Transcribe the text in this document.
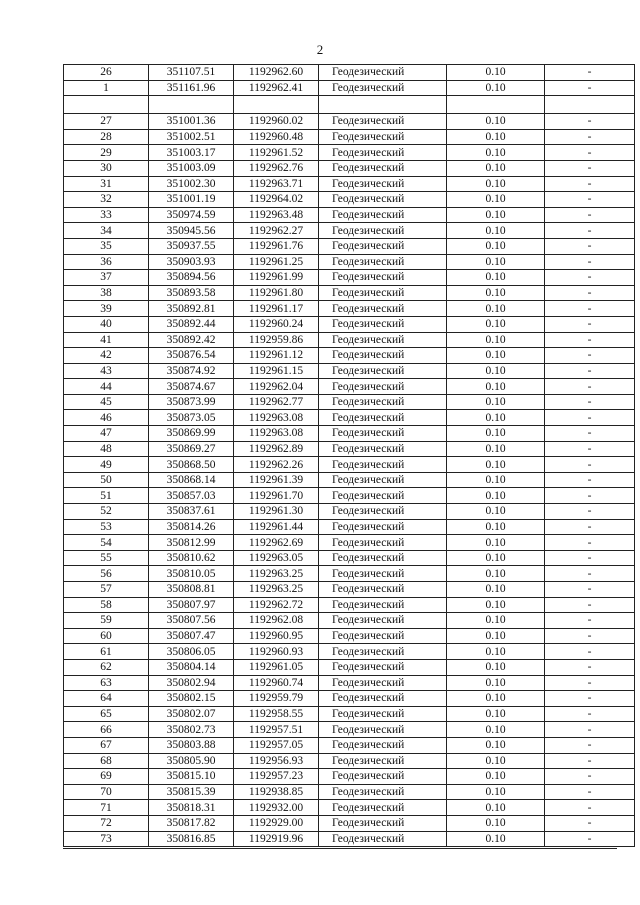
2
26	351107.51	1192962.60	Геодезический	0.10	-
1	351161.96	1192962.41	Геодезический	0.10	-

27	351001.36	1192960.02	Геодезический	0.10	-
28	351002.51	1192960.48	Геодезический	0.10	-
29	351003.17	1192961.52	Геодезический	0.10	-
30	351003.09	1192962.76	Геодезический	0.10	-
31	351002.30	1192963.71	Геодезический	0.10	-
32	351001.19	1192964.02	Геодезический	0.10	-
33	350974.59	1192963.48	Геодезический	0.10	-
34	350945.56	1192962.27	Геодезический	0.10	-
35	350937.55	1192961.76	Геодезический	0.10	-
36	350903.93	1192961.25	Геодезический	0.10	-
37	350894.56	1192961.99	Геодезический	0.10	-
38	350893.58	1192961.80	Геодезический	0.10	-
39	350892.81	1192961.17	Геодезический	0.10	-
40	350892.44	1192960.24	Геодезический	0.10	-
41	350892.42	1192959.86	Геодезический	0.10	-
42	350876.54	1192961.12	Геодезический	0.10	-
43	350874.92	1192961.15	Геодезический	0.10	-
44	350874.67	1192962.04	Геодезический	0.10	-
45	350873.99	1192962.77	Геодезический	0.10	-
46	350873.05	1192963.08	Геодезический	0.10	-
47	350869.99	1192963.08	Геодезический	0.10	-
48	350869.27	1192962.89	Геодезический	0.10	-
49	350868.50	1192962.26	Геодезический	0.10	-
50	350868.14	1192961.39	Геодезический	0.10	-
51	350857.03	1192961.70	Геодезический	0.10	-
52	350837.61	1192961.30	Геодезический	0.10	-
53	350814.26	1192961.44	Геодезический	0.10	-
54	350812.99	1192962.69	Геодезический	0.10	-
55	350810.62	1192963.05	Геодезический	0.10	-
56	350810.05	1192963.25	Геодезический	0.10	-
57	350808.81	1192963.25	Геодезический	0.10	-
58	350807.97	1192962.72	Геодезический	0.10	-
59	350807.56	1192962.08	Геодезический	0.10	-
60	350807.47	1192960.95	Геодезический	0.10	-
61	350806.05	1192960.93	Геодезический	0.10	-
62	350804.14	1192961.05	Геодезический	0.10	-
63	350802.94	1192960.74	Геодезический	0.10	-
64	350802.15	1192959.79	Геодезический	0.10	-
65	350802.07	1192958.55	Геодезический	0.10	-
66	350802.73	1192957.51	Геодезический	0.10	-
67	350803.88	1192957.05	Геодезический	0.10	-
68	350805.90	1192956.93	Геодезический	0.10	-
69	350815.10	1192957.23	Геодезический	0.10	-
70	350815.39	1192938.85	Геодезический	0.10	-
71	350818.31	1192932.00	Геодезический	0.10	-
72	350817.82	1192929.00	Геодезический	0.10	-
73	350816.85	1192919.96	Геодезический	0.10	-
